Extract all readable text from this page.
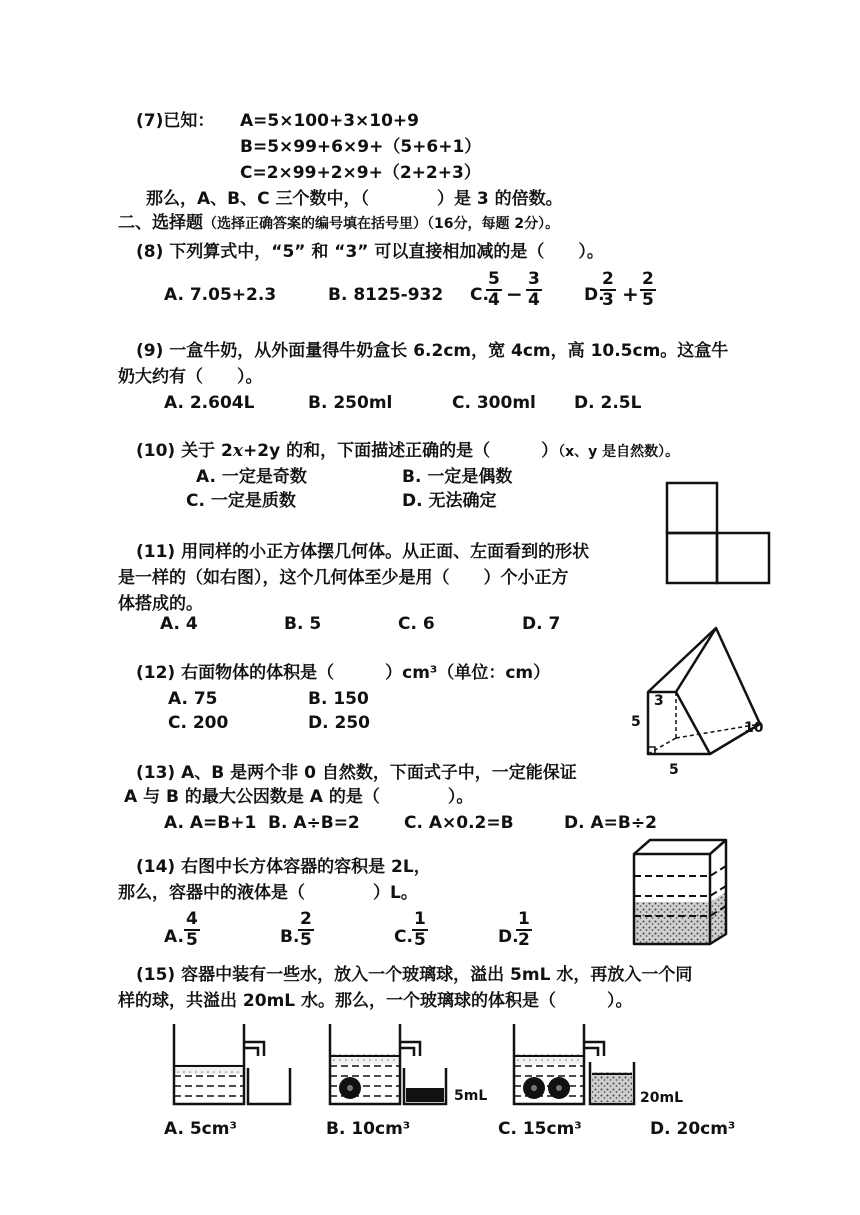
(7)已知： A=5×100+3×10+9
B=5×99+6×9+（5+6+1）
C=2×99+2×9+（2+2+3）
那么，A、B、C 三个数中，（　　　　）是 3 的倍数。
二、选择题（选择正确答案的编号填在括号里）（16分，每题 2分）。
(8) 下列算式中，“5” 和 “3” 可以直接相加减的是（　　）。
A. 7.05+2.3	B. 8125-932 C.
$\frac{5}{4} - \frac{3}{4} D$.
$\frac{2}{3} + \frac{2}{5}$
(9) 一盒牛奶，从外面量得牛奶盒长 6.2cm，宽 4cm，高 10.5cm。这盒牛
奶大约有（　　）。
A. 2.604L	B. 250ml	C. 300ml D. 2.5L
(10) 关于 2x+2y 的和，下面描述正确的是（　　　）（x、y 是自然数）。
A. 一定是奇数	B. 一定是偶数
C. 一定是质数	D. 无法确定
(11) 用同样的小正方体摆几何体。从正面、左面看到的形状
是一样的（如右图），这个几何体至少是用（　　）个小正方
体搭成的。
A. 4	B. 5	C. 6	D. 7
3
5	10
5
(12) 右面物体的体积是（　　　）cm³（单位：cm）
A. 75	B. 150
C. 200	D. 250
(13) A、B 是两个非 0 自然数，下面式子中，一定能保证
A 与 B 的最大公因数是 A 的是（　　　　）。
A. A=B+1 B. A÷B=2	C. A×0.2=B	D. A=B÷2
(14) 右图中长方体容器的容积是 2L，
那么，容器中的液体是（　　　　）L。
A. $\frac{4}{5}$	B.
$\frac{2}{5}$	C. $\frac{1}{5}$	D.
$\frac{1}{2}$
(15) 容器中装有一些水，放入一个玻璃球，溢出 5mL 水，再放入一个同
样的球，共溢出 20mL 水。那么，一个玻璃球的体积是（　　　）。
5mL	20mL
A. 5cm³	B. 10cm³	C. 15cm³	D. 20cm³
